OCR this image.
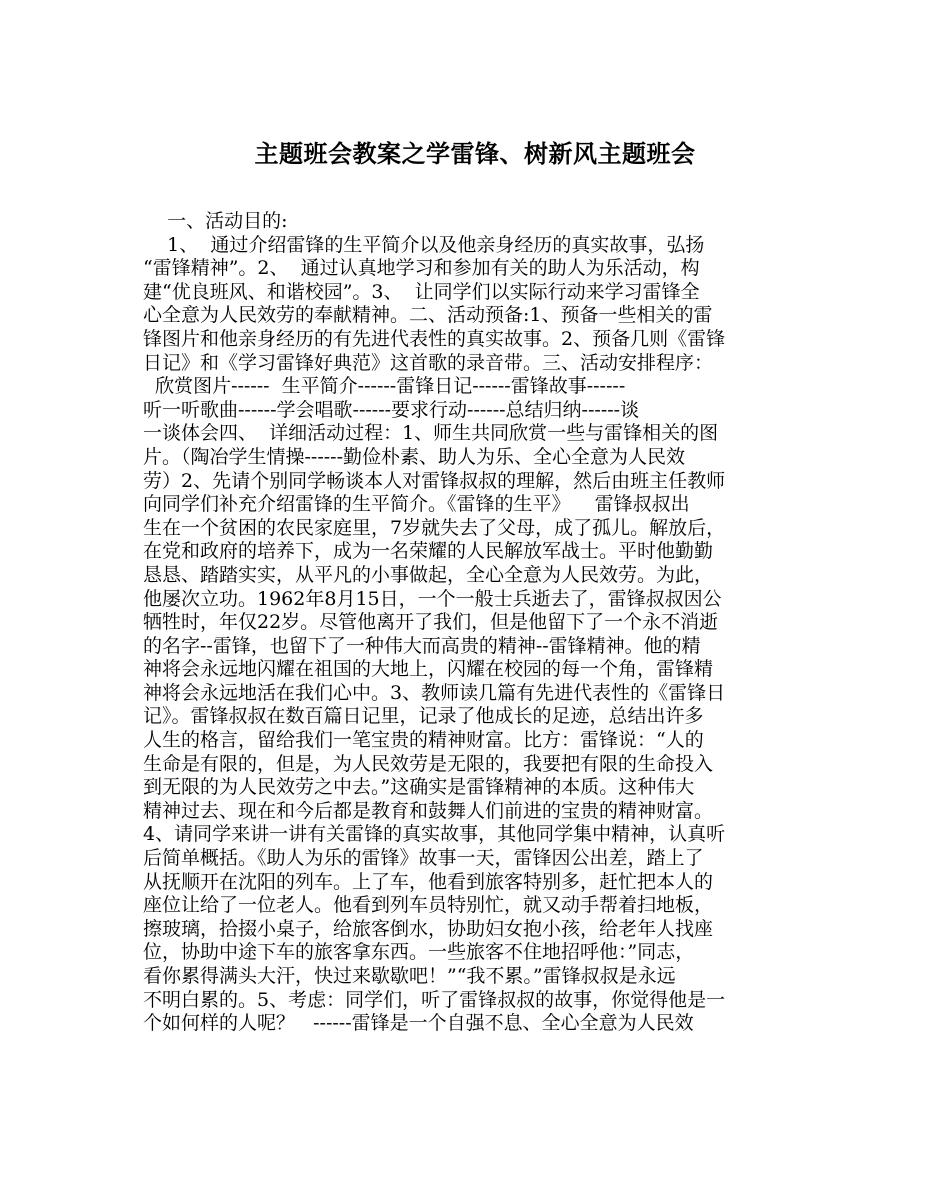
主题班会教案之学雷锋、树新风主题班会
一、活动目的:
1、  通过介绍雷锋的生平简介以及他亲身经历的真实故事，弘扬
“雷锋精神”。2、  通过认真地学习和参加有关的助人为乐活动，构
建“优良班风、和谐校园”。3、  让同学们以实际行动来学习雷锋全
心全意为人民效劳的奉献精神。二、活动预备:1、预备一些相关的雷
锋图片和他亲身经历的有先进代表性的真实故事。2、预备几则《雷锋
日记》和《学习雷锋好典范》这首歌的录音带。三、活动安排程序：
欣赏图片------  生平简介------雷锋日记------雷锋故事------
听一听歌曲------学会唱歌------要求行动------总结归纳------谈
一谈体会四、  详细活动过程：1、师生共同欣赏一些与雷锋相关的图
片。（陶冶学生情操------勤俭朴素、助人为乐、全心全意为人民效
劳）2、先请个别同学畅谈本人对雷锋叔叔的理解，然后由班主任教师
向同学们补充介绍雷锋的生平简介。《雷锋的生平》    雷锋叔叔出
生在一个贫困的农民家庭里，7岁就失去了父母，成了孤儿。解放后，
在党和政府的培养下，成为一名荣耀的人民解放军战士。平时他勤勤
恳恳、踏踏实实，从平凡的小事做起，全心全意为人民效劳。为此，
他屡次立功。1962年8月15日，一个一般士兵逝去了，雷锋叔叔因公
牺牲时，年仅22岁。尽管他离开了我们，但是他留下了一个永不消逝
的名字--雷锋，也留下了一种伟大而高贵的精神--雷锋精神。他的精
神将会永远地闪耀在祖国的大地上，闪耀在校园的每一个角，雷锋精
神将会永远地活在我们心中。3、教师读几篇有先进代表性的《雷锋日
记》。雷锋叔叔在数百篇日记里，记录了他成长的足迹，总结出许多
人生的格言，留给我们一笔宝贵的精神财富。比方：雷锋说：“人的
生命是有限的，但是，为人民效劳是无限的，我要把有限的生命投入
到无限的为人民效劳之中去。”这确实是雷锋精神的本质。这种伟大
精神过去、现在和今后都是教育和鼓舞人们前进的宝贵的精神财富。
4、请同学来讲一讲有关雷锋的真实故事，其他同学集中精神，认真听
后简单概括。《助人为乐的雷锋》故事一天，雷锋因公出差，踏上了
从抚顺开在沈阳的列车。上了车，他看到旅客特别多，赶忙把本人的
座位让给了一位老人。他看到列车员特别忙，就又动手帮着扫地板，
擦玻璃，拾掇小桌子，给旅客倒水，协助妇女抱小孩，给老年人找座
位，协助中途下车的旅客拿东西。一些旅客不住地招呼他：”同志，
看你累得满头大汗，快过来歇歇吧！”“我不累。”雷锋叔叔是永远
不明白累的。5、考虑：同学们，听了雷锋叔叔的故事，你觉得他是一
个如何样的人呢？   ------雷锋是一个自强不息、全心全意为人民效
